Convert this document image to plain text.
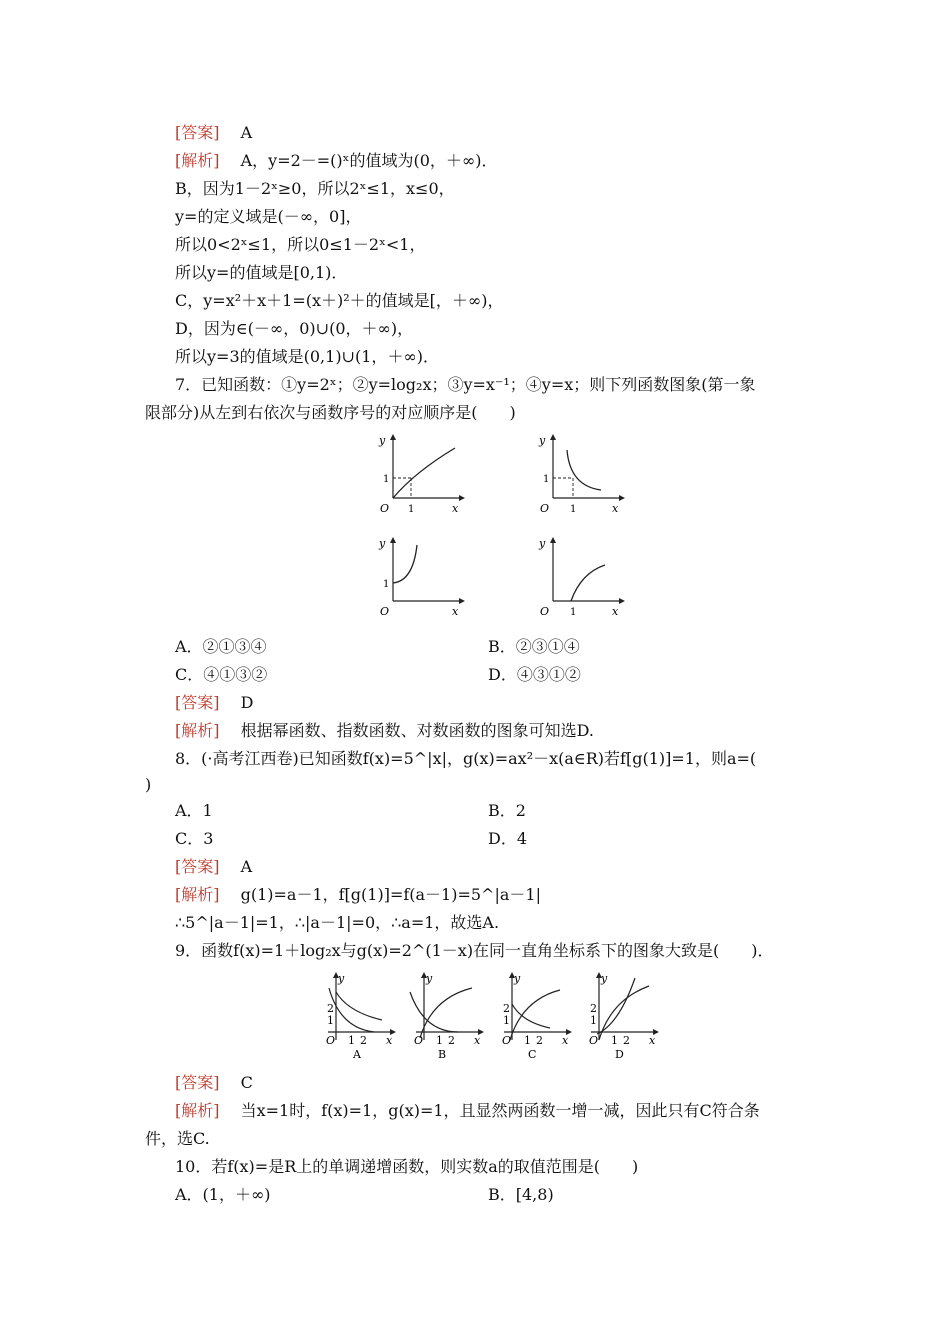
[答案] A
[解析] A，y=2－=()ˣ的值域为(0，＋∞)．
B，因为1－2ˣ≥0，所以2ˣ≤1，x≤0，
y=的定义域是(－∞，0]，
所以0<2ˣ≤1，所以0≤1－2ˣ<1，
所以y=的值域是[0,1)．
C，y=x²＋x＋1=(x＋)²＋的值域是[，＋∞)，
D，因为∈(－∞，0)∪(0，＋∞)，
所以y=3的值域是(0,1)∪(1，＋∞)．
7．已知函数：①y=2ˣ；②y=log₂x；③y=x⁻¹；④y=x；则下列函数图象(第一象
限部分)从左到右依次与函数序号的对应顺序是(　　)
y
x
O
1
1
y
x
O
1
1
y
x
O
1
y
x
O 1
A．②①③④	B．②③①④
C．④①③②	D．④③①②
[答案] D
[解析] 根据幂函数、指数函数、对数函数的图象可知选D.
8．(·高考江西卷)已知函数f(x)=5^|x|，g(x)=ax²－x(a∈R)若f[g(1)]=1，则a=(
)
A．1	B．2
C．3	D．4
[答案] A
[解析] g(1)=a－1，f[g(1)]=f(a－1)=5^|a－1|
∴5^|a－1|=1，∴|a－1|=0，∴a=1，故选A.
9．函数f(x)=1＋log₂x与g(x)=2^(1－x)在同一直角坐标系下的图象大致是(　　)．
y
x
O
2
1
1 2
A
y
x
O 1 2
B
y
x
O
2
1
1 2
C
y
x
O
2
1
1 2
D
[答案] C
[解析] 当x=1时，f(x)=1，g(x)=1，且显然两函数一增一减，因此只有C符合条
件，选C.
10．若f(x)=是R上的单调递增函数，则实数a的取值范围是(　　)
A．(1，＋∞)	B．[4,8)
